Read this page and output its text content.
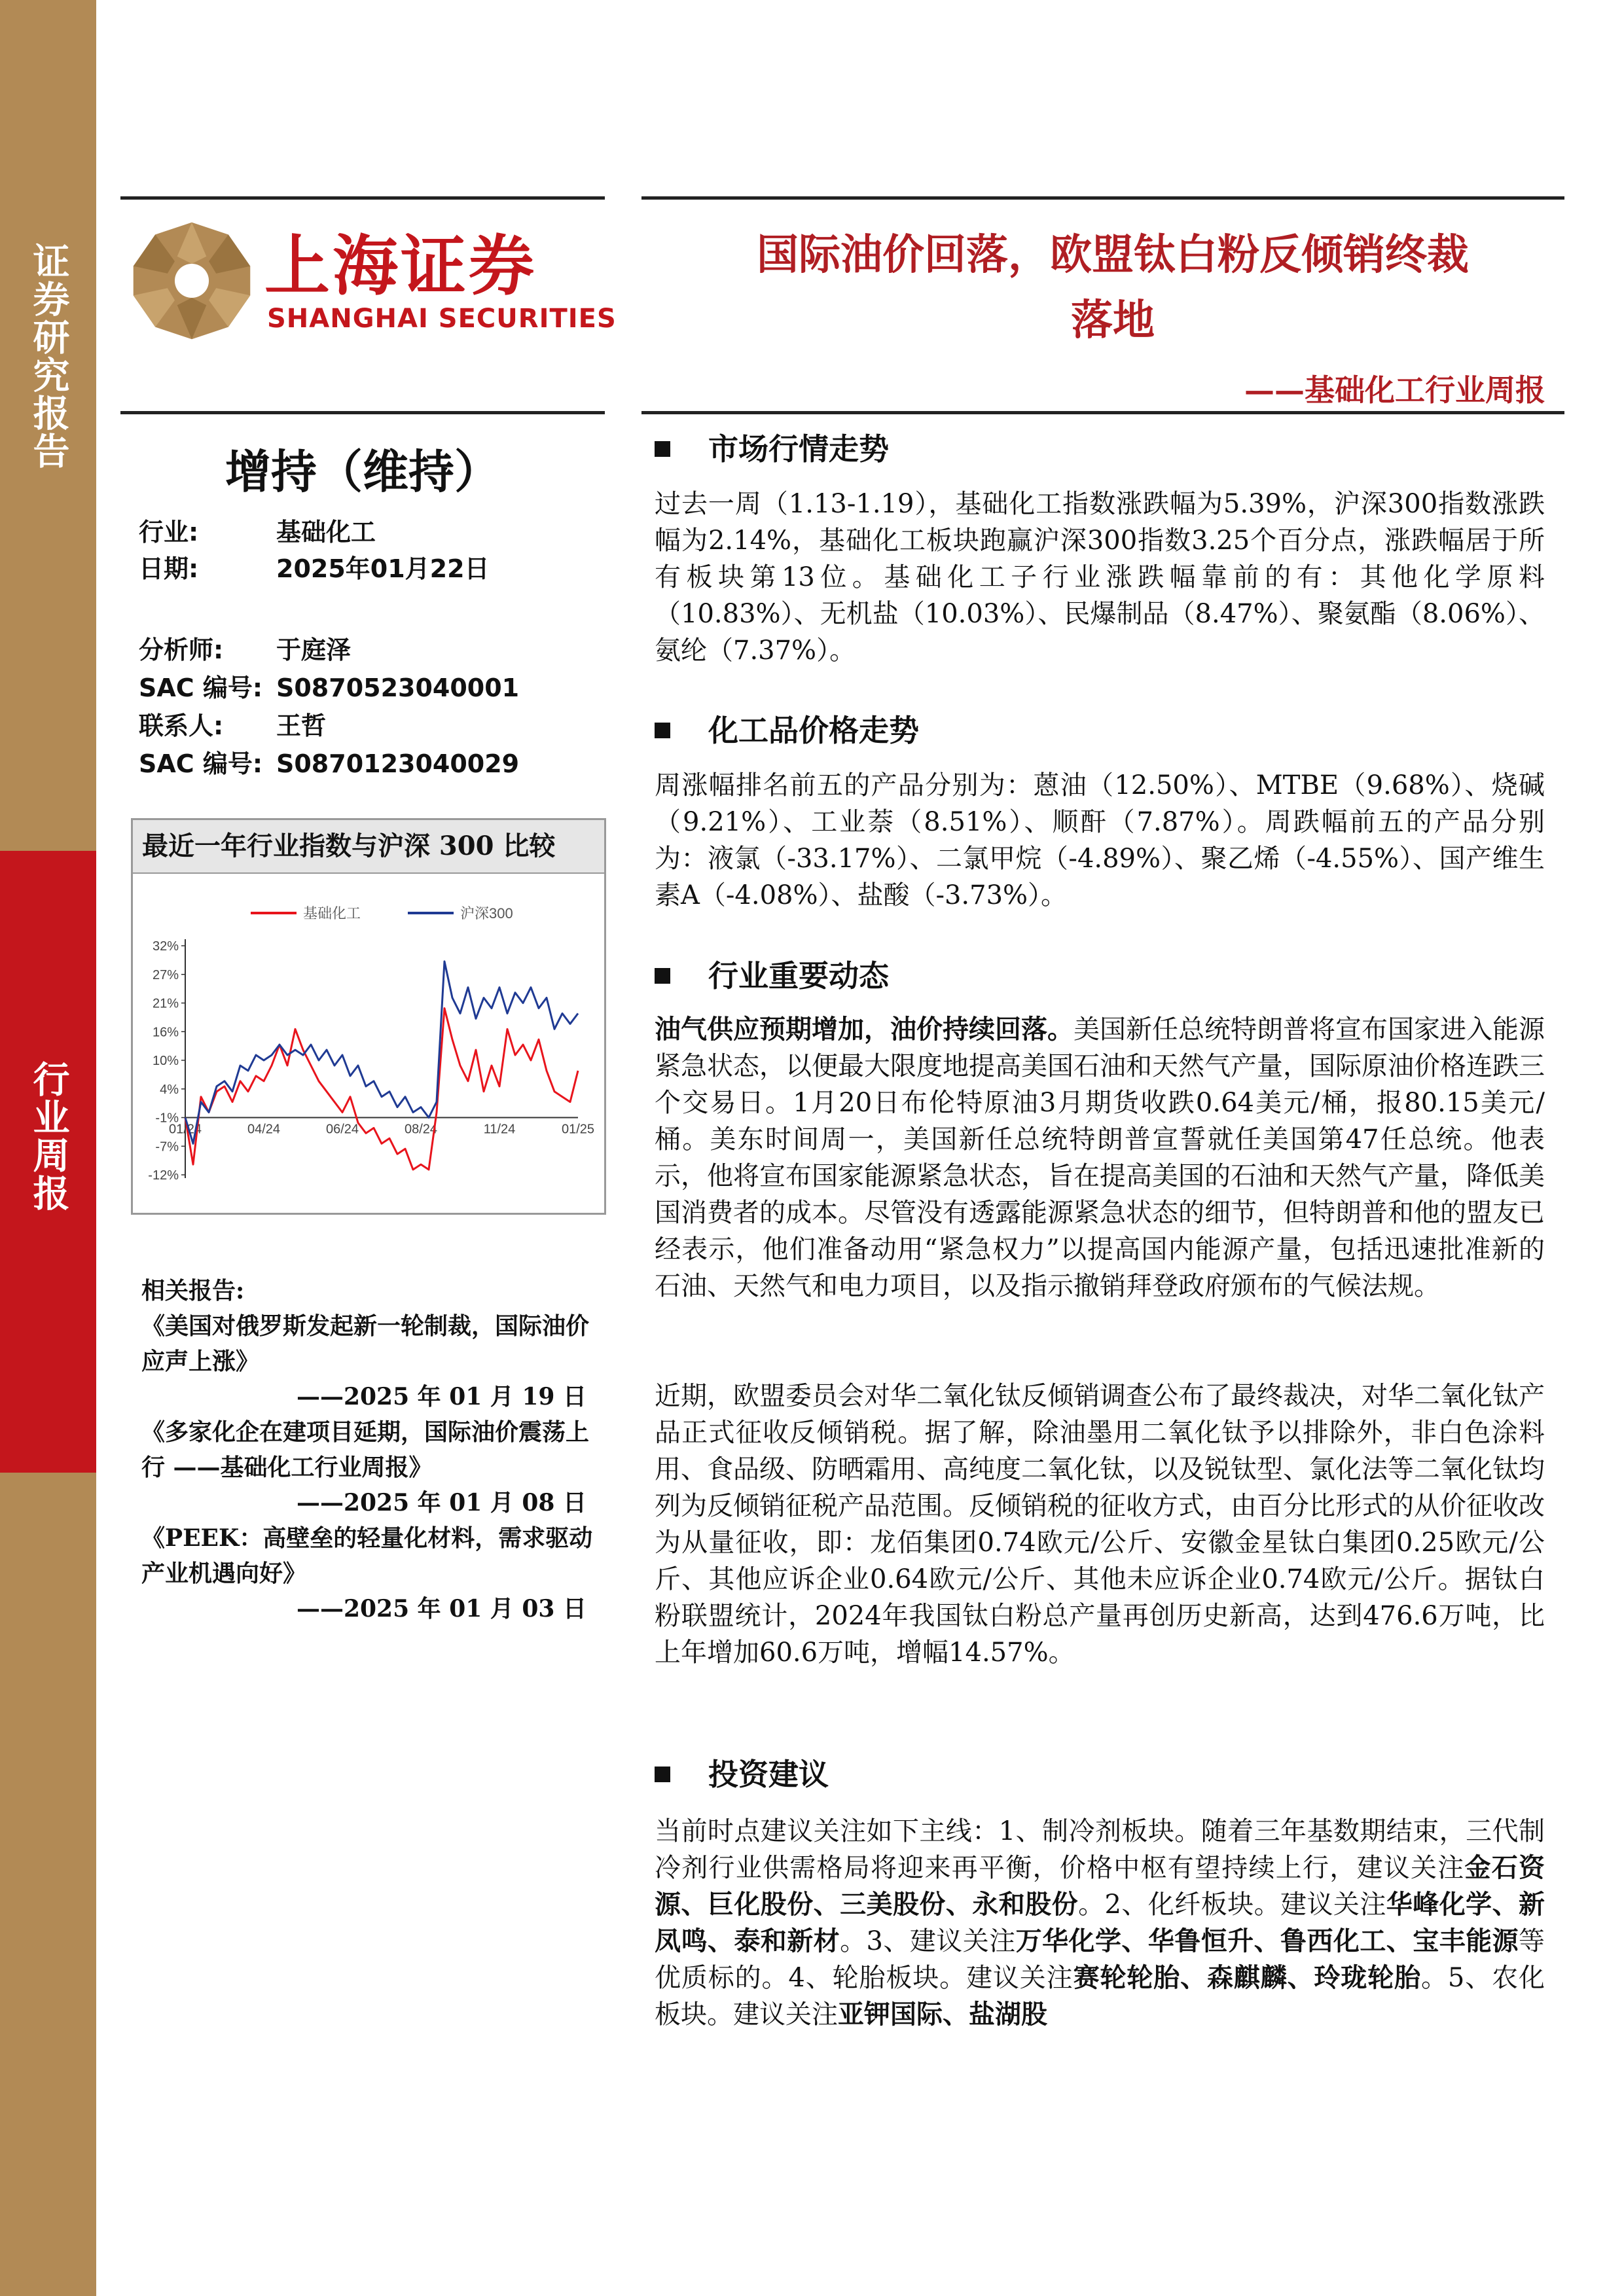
证券研究报告
行业周报
上海证券
SHANGHAI SECURITIES
国际油价回落，欧盟钛白粉反倾销终裁
落地
——基础化工行业周报
增持（维持）
行业:	基础化工
日期:	2025年01月22日
分析师: 于庭泽
SAC 编号: S0870523040001
联系人: 王哲
SAC 编号: S0870123040029
最近一年行业指数与沪深 300 比较
基础化工	沪深300
32%
27%
21%
16%
10%
4%
-1%
-7%
-12%
01/24	04/24	06/24	08/24	11/24	01/25
相关报告:
《美国对俄罗斯发起新一轮制裁，国际油价应声上涨》
——2025 年 01 月 19 日
《多家化企在建项目延期，国际油价震荡上行 ——基础化工行业周报》
——2025 年 01 月 08 日
《PEEK：高壁垒的轻量化材料，需求驱动产业机遇向好》
——2025 年 01 月 03 日
市场行情走势
过去一周（1.13-1.19），基础化工指数涨跌幅为5.39%，沪深300指数涨跌幅为2.14%，基础化工板块跑赢沪深300指数3.25个百分点，涨跌幅居于所有板块第13位。基础化工子行业涨跌幅靠前的有：其他化学原料（10.83%）、无机盐（10.03%）、民爆制品（8.47%）、聚氨酯（8.06%）、氨纶（7.37%）。
化工品价格走势
周涨幅排名前五的产品分别为：蒽油（12.50%）、MTBE（9.68%）、烧碱（9.21%）、工业萘（8.51%）、顺酐（7.87%）。周跌幅前五的产品分别为：液氯（-33.17%）、二氯甲烷（-4.89%）、聚乙烯（-4.55%）、国产维生素A（-4.08%）、盐酸（-3.73%）。
行业重要动态
油气供应预期增加，油价持续回落。美国新任总统特朗普将宣布国家进入能源紧急状态，以便最大限度地提高美国石油和天然气产量，国际原油价格连跌三个交易日。1月20日布伦特原油3月期货收跌0.64美元/桶，报80.15美元/桶。美东时间周一，美国新任总统特朗普宣誓就任美国第47任总统。他表示，他将宣布国家能源紧急状态，旨在提高美国的石油和天然气产量，降低美国消费者的成本。尽管没有透露能源紧急状态的细节，但特朗普和他的盟友已经表示，他们准备动用“紧急权力”以提高国内能源产量，包括迅速批准新的石油、天然气和电力项目，以及指示撤销拜登政府颁布的气候法规。
近期，欧盟委员会对华二氧化钛反倾销调查公布了最终裁决，对华二氧化钛产品正式征收反倾销税。据了解，除油墨用二氧化钛予以排除外，非白色涂料用、食品级、防晒霜用、高纯度二氧化钛，以及锐钛型、氯化法等二氧化钛均列为反倾销征税产品范围。反倾销税的征收方式，由百分比形式的从价征收改为从量征收，即：龙佰集团0.74欧元/公斤、安徽金星钛白集团0.25欧元/公斤、其他应诉企业0.64欧元/公斤、其他未应诉企业0.74欧元/公斤。据钛白粉联盟统计，2024年我国钛白粉总产量再创历史新高，达到476.6万吨，比上年增加60.6万吨，增幅14.57%。
投资建议
当前时点建议关注如下主线：1、制冷剂板块。随着三年基数期结束，三代制冷剂行业供需格局将迎来再平衡，价格中枢有望持续上行，建议关注金石资源、巨化股份、三美股份、永和股份。2、化纤板块。建议关注华峰化学、新凤鸣、泰和新材。3、建议关注万华化学、华鲁恒升、鲁西化工、宝丰能源等优质标的。4、轮胎板块。建议关注赛轮轮胎、森麒麟、玲珑轮胎。5、农化板块。建议关注亚钾国际、盐湖股
